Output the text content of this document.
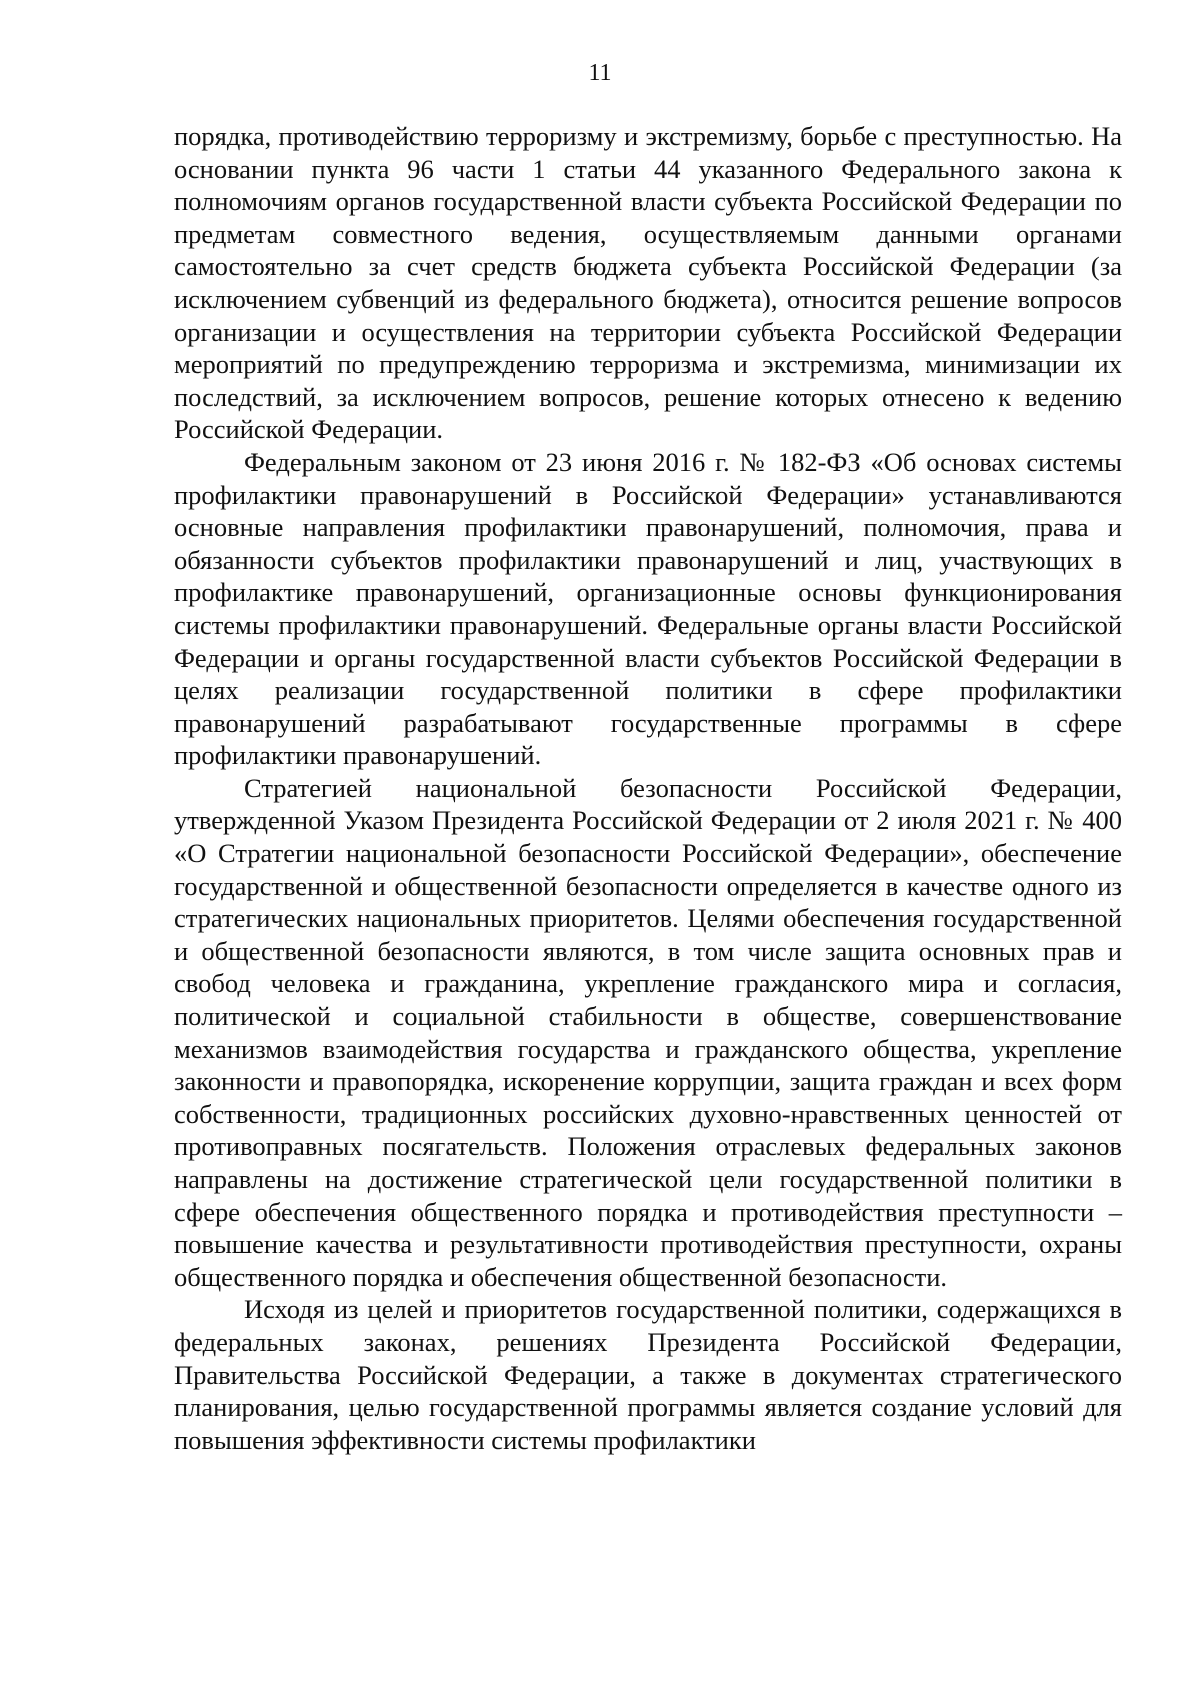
11

порядка, противодействию терроризму и экстремизму, борьбе с преступностью. На основании пункта 96 части 1 статьи 44 указанного Федерального закона к полномочиям органов государственной власти субъекта Российской Федерации по предметам совместного ведения, осуществляемым данными органами самостоятельно за счет средств бюджета субъекта Российской Федерации (за исключением субвенций из федерального бюджета), относится решение вопросов организации и осуществления на территории субъекта Российской Федерации мероприятий по предупреждению терроризма и экстремизма, минимизации их последствий, за исключением вопросов, решение которых отнесено к ведению Российской Федерации.

Федеральным законом от 23 июня 2016 г. № 182-ФЗ «Об основах системы профилактики правонарушений в Российской Федерации» устанавливаются основные направления профилактики правонарушений, полномочия, права и обязанности субъектов профилактики правонарушений и лиц, участвующих в профилактике правонарушений, организационные основы функционирования системы профилактики правонарушений. Федеральные органы власти Российской Федерации и органы государственной власти субъектов Российской Федерации в целях реализации государственной политики в сфере профилактики правонарушений разрабатывают государственные программы в сфере профилактики правонарушений.

Стратегией национальной безопасности Российской Федерации, утвержденной Указом Президента Российской Федерации от 2 июля 2021 г. № 400 «О Стратегии национальной безопасности Российской Федерации», обеспечение государственной и общественной безопасности определяется в качестве одного из стратегических национальных приоритетов. Целями обеспечения государственной и общественной безопасности являются, в том числе защита основных прав и свобод человека и гражданина, укрепление гражданского мира и согласия, политической и социальной стабильности в обществе, совершенствование механизмов взаимодействия государства и гражданского общества, укрепление законности и правопорядка, искоренение коррупции, защита граждан и всех форм собственности, традиционных российских духовно-нравственных ценностей от противоправных посягательств. Положения отраслевых федеральных законов направлены на достижение стратегической цели государственной политики в сфере обеспечения общественного порядка и противодействия преступности – повышение качества и результативности противодействия преступности, охраны общественного порядка и обеспечения общественной безопасности.

Исходя из целей и приоритетов государственной политики, содержащихся в федеральных законах, решениях Президента Российской Федерации, Правительства Российской Федерации, а также в документах стратегического планирования, целью государственной программы является создание условий для повышения эффективности системы профилактики
